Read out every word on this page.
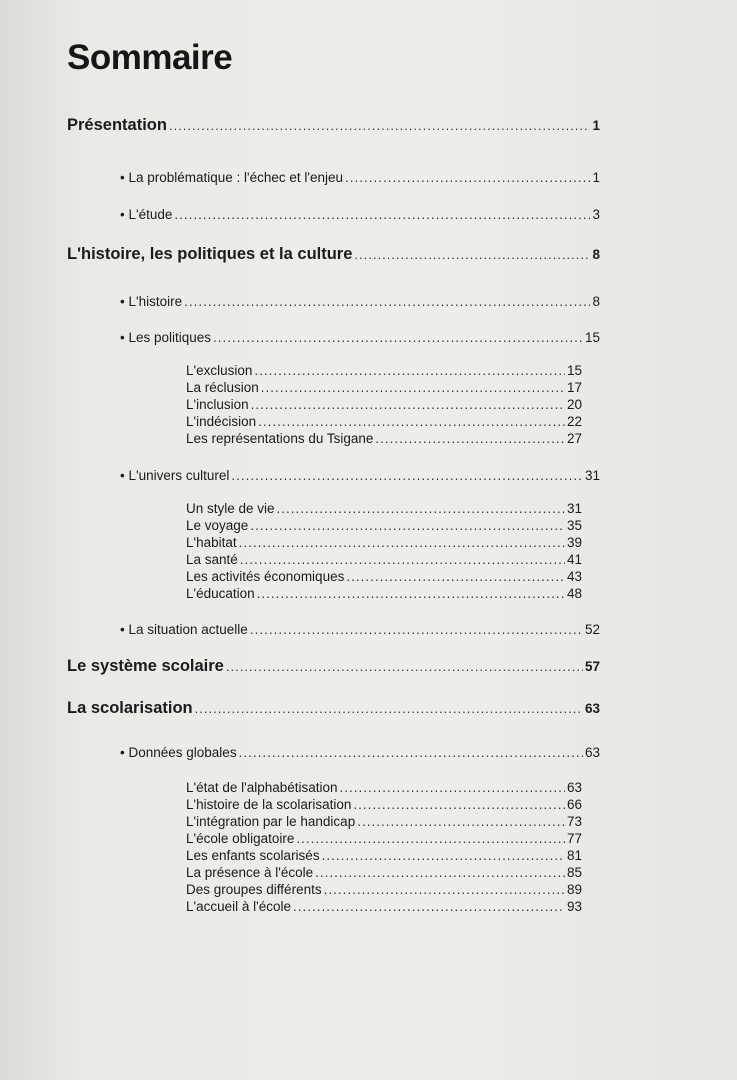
Sommaire
Présentation .....	1
• La problématique : l'échec et l'enjeu .....	1
• L'étude .....	3
L'histoire, les politiques et la culture .....	8
• L'histoire .....	8
• Les politiques .....	15
L'exclusion .....	15
La réclusion .....	17
L'inclusion .....	20
L'indécision .....	22
Les représentations du Tsigane .....	27
• L'univers culturel .....	31
Un style de vie .....	31
Le voyage .....	35
L'habitat .....	39
La santé .....	41
Les activités économiques .....	43
L'éducation .....	48
• La situation actuelle .....	52
Le système scolaire .....	57
La scolarisation .....	63
• Données globales .....	63
L'état de l'alphabétisation .....	63
L'histoire de la scolarisation .....	66
L'intégration par le handicap .....	73
L'école obligatoire .....	77
Les enfants scolarisés .....	81
La présence à l'école .....	85
Des groupes différents .....	89
L'accueil à l'école .....	93
